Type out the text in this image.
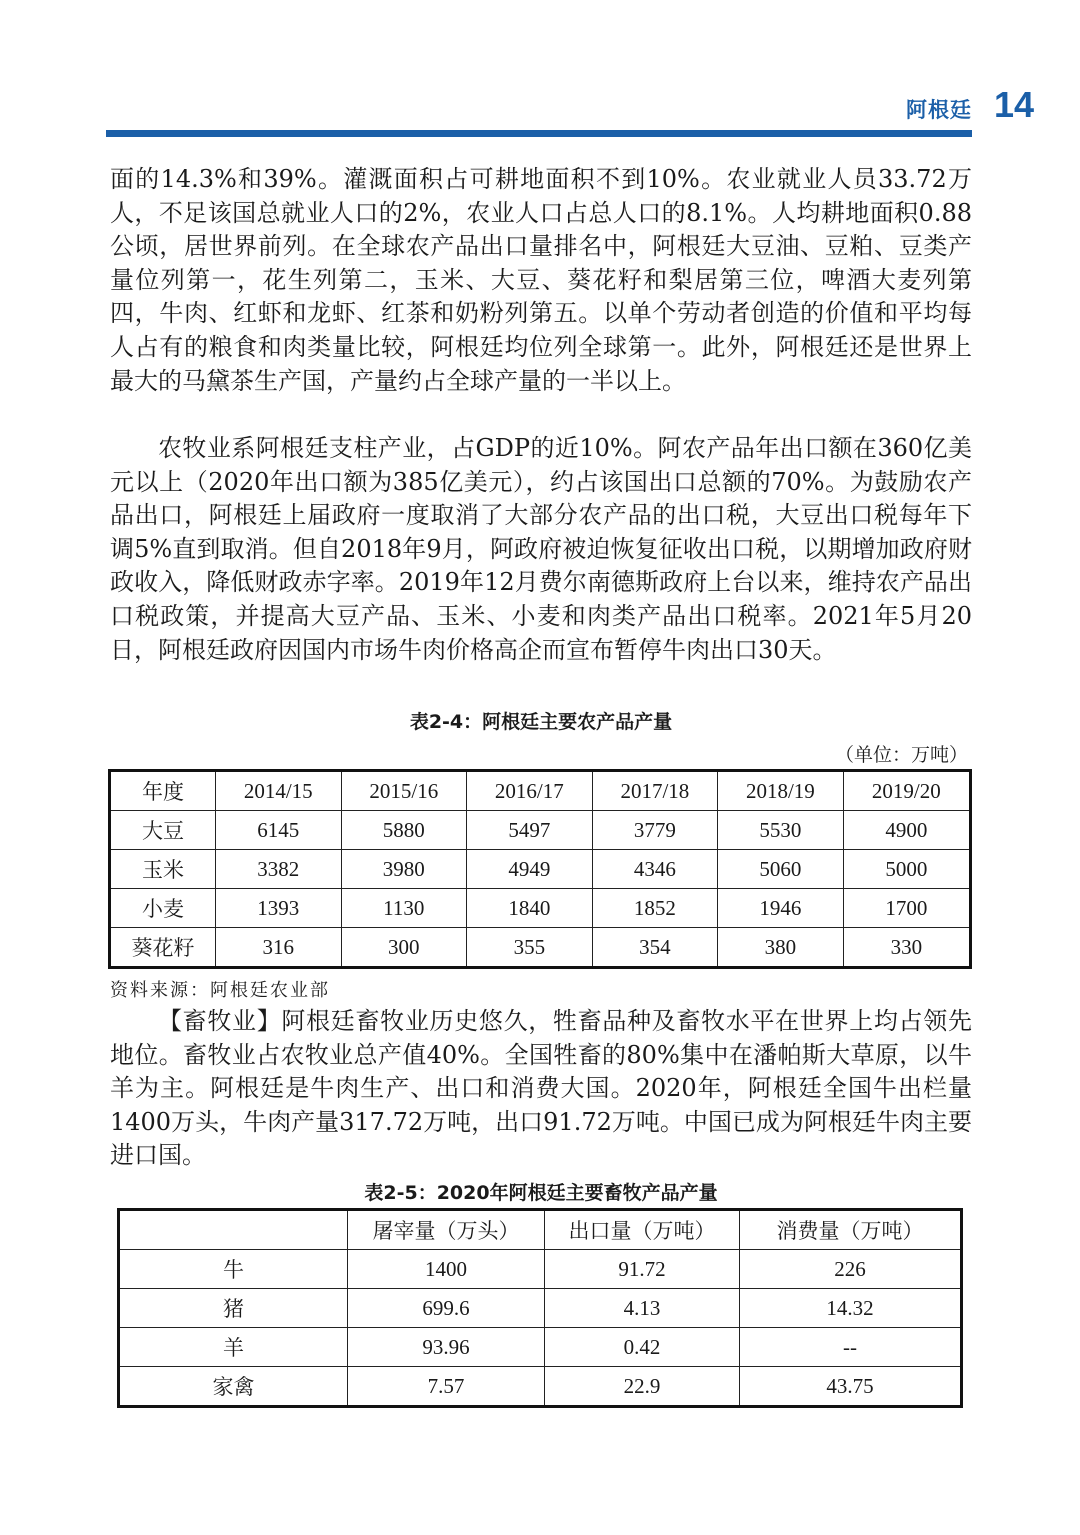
阿根廷 14

面的14.3%和39%。灌溉面积占可耕地面积不到10%。农业就业人员33.72万人，不足该国总就业人口的2%，农业人口占总人口的8.1%。人均耕地面积0.88公顷，居世界前列。在全球农产品出口量排名中，阿根廷大豆油、豆粕、豆类产量位列第一，花生列第二，玉米、大豆、葵花籽和梨居第三位，啤酒大麦列第四，牛肉、红虾和龙虾、红茶和奶粉列第五。以单个劳动者创造的价值和平均每人占有的粮食和肉类量比较，阿根廷均位列全球第一。此外，阿根廷还是世界上最大的马黛茶生产国，产量约占全球产量的一半以上。

农牧业系阿根廷支柱产业，占GDP的近10%。阿农产品年出口额在360亿美元以上（2020年出口额为385亿美元），约占该国出口总额的70%。为鼓励农产品出口，阿根廷上届政府一度取消了大部分农产品的出口税，大豆出口税每年下调5%直到取消。但自2018年9月，阿政府被迫恢复征收出口税，以期增加政府财政收入，降低财政赤字率。2019年12月费尔南德斯政府上台以来，维持农产品出口税政策，并提高大豆产品、玉米、小麦和肉类产品出口税率。2021年5月20日，阿根廷政府因国内市场牛肉价格高企而宣布暂停牛肉出口30天。

表2-4：阿根廷主要农产品产量
（单位：万吨）
年度	2014/15	2015/16	2016/17	2017/18	2018/19	2019/20
大豆	6145	5880	5497	3779	5530	4900
玉米	3382	3980	4949	4346	5060	5000
小麦	1393	1130	1840	1852	1946	1700
葵花籽	316	300	355	354	380	330
资料来源：阿根廷农业部

【畜牧业】阿根廷畜牧业历史悠久，牲畜品种及畜牧水平在世界上均占领先地位。畜牧业占农牧业总产值40%。全国牲畜的80%集中在潘帕斯大草原，以牛羊为主。阿根廷是牛肉生产、出口和消费大国。2020年，阿根廷全国牛出栏量1400万头，牛肉产量317.72万吨，出口91.72万吨。中国已成为阿根廷牛肉主要进口国。

表2-5：2020年阿根廷主要畜牧产品产量
	屠宰量（万头）	出口量（万吨）	消费量（万吨）
牛	1400	91.72	226
猪	699.6	4.13	14.32
羊	93.96	0.42	--
家禽	7.57	22.9	43.75
